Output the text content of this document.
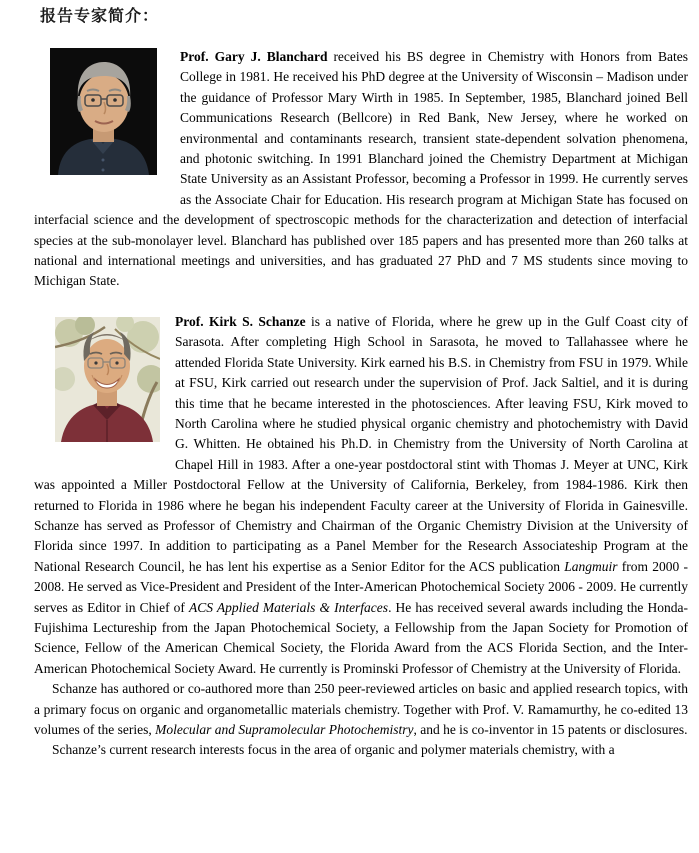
报告专家简介：

Prof. Gary J. Blanchard received his BS degree in Chemistry with Honors from Bates College in 1981. He received his PhD degree at the University of Wisconsin – Madison under the guidance of Professor Mary Wirth in 1985. In September, 1985, Blanchard joined Bell Communications Research (Bellcore) in Red Bank, New Jersey, where he worked on environmental and contaminants research, transient state-dependent solvation phenomena, and photonic switching. In 1991 Blanchard joined the Chemistry Department at Michigan State University as an Assistant Professor, becoming a Professor in 1999. He currently serves as the Associate Chair for Education. His research program at Michigan State has focused on interfacial science and the development of spectroscopic methods for the characterization and detection of interfacial species at the sub-monolayer level. Blanchard has published over 185 papers and has presented more than 260 talks at national and international meetings and universities, and has graduated 27 PhD and 7 MS students since moving to Michigan State.

Prof. Kirk S. Schanze is a native of Florida, where he grew up in the Gulf Coast city of Sarasota. After completing High School in Sarasota, he moved to Tallahassee where he attended Florida State University. Kirk earned his B.S. in Chemistry from FSU in 1979. While at FSU, Kirk carried out research under the supervision of Prof. Jack Saltiel, and it is during this time that he became interested in the photosciences. After leaving FSU, Kirk moved to North Carolina where he studied physical organic chemistry and photochemistry with David G. Whitten. He obtained his Ph.D. in Chemistry from the University of North Carolina at Chapel Hill in 1983. After a one-year postdoctoral stint with Thomas J. Meyer at UNC, Kirk was appointed a Miller Postdoctoral Fellow at the University of California, Berkeley, from 1984-1986. Kirk then returned to Florida in 1986 where he began his independent Faculty career at the University of Florida in Gainesville. Schanze has served as Professor of Chemistry and Chairman of the Organic Chemistry Division at the University of Florida since 1997. In addition to participating as a Panel Member for the Research Associateship Program at the National Research Council, he has lent his expertise as a Senior Editor for the ACS publication Langmuir from 2000 - 2008. He served as Vice-President and President of the Inter-American Photochemical Society 2006 - 2009. He currently serves as Editor in Chief of ACS Applied Materials & Interfaces. He has received several awards including the Honda-Fujishima Lectureship from the Japan Photochemical Society, a Fellowship from the Japan Society for Promotion of Science, Fellow of the American Chemical Society, the Florida Award from the ACS Florida Section, and the Inter-American Photochemical Society Award. He currently is Prominski Professor of Chemistry at the University of Florida.

Schanze has authored or co-authored more than 250 peer-reviewed articles on basic and applied research topics, with a primary focus on organic and organometallic materials chemistry. Together with Prof. V. Ramamurthy, he co-edited 13 volumes of the series, Molecular and Supramolecular Photochemistry, and he is co-inventor in 15 patents or disclosures.

Schanze’s current research interests focus in the area of organic and polymer materials chemistry, with a
